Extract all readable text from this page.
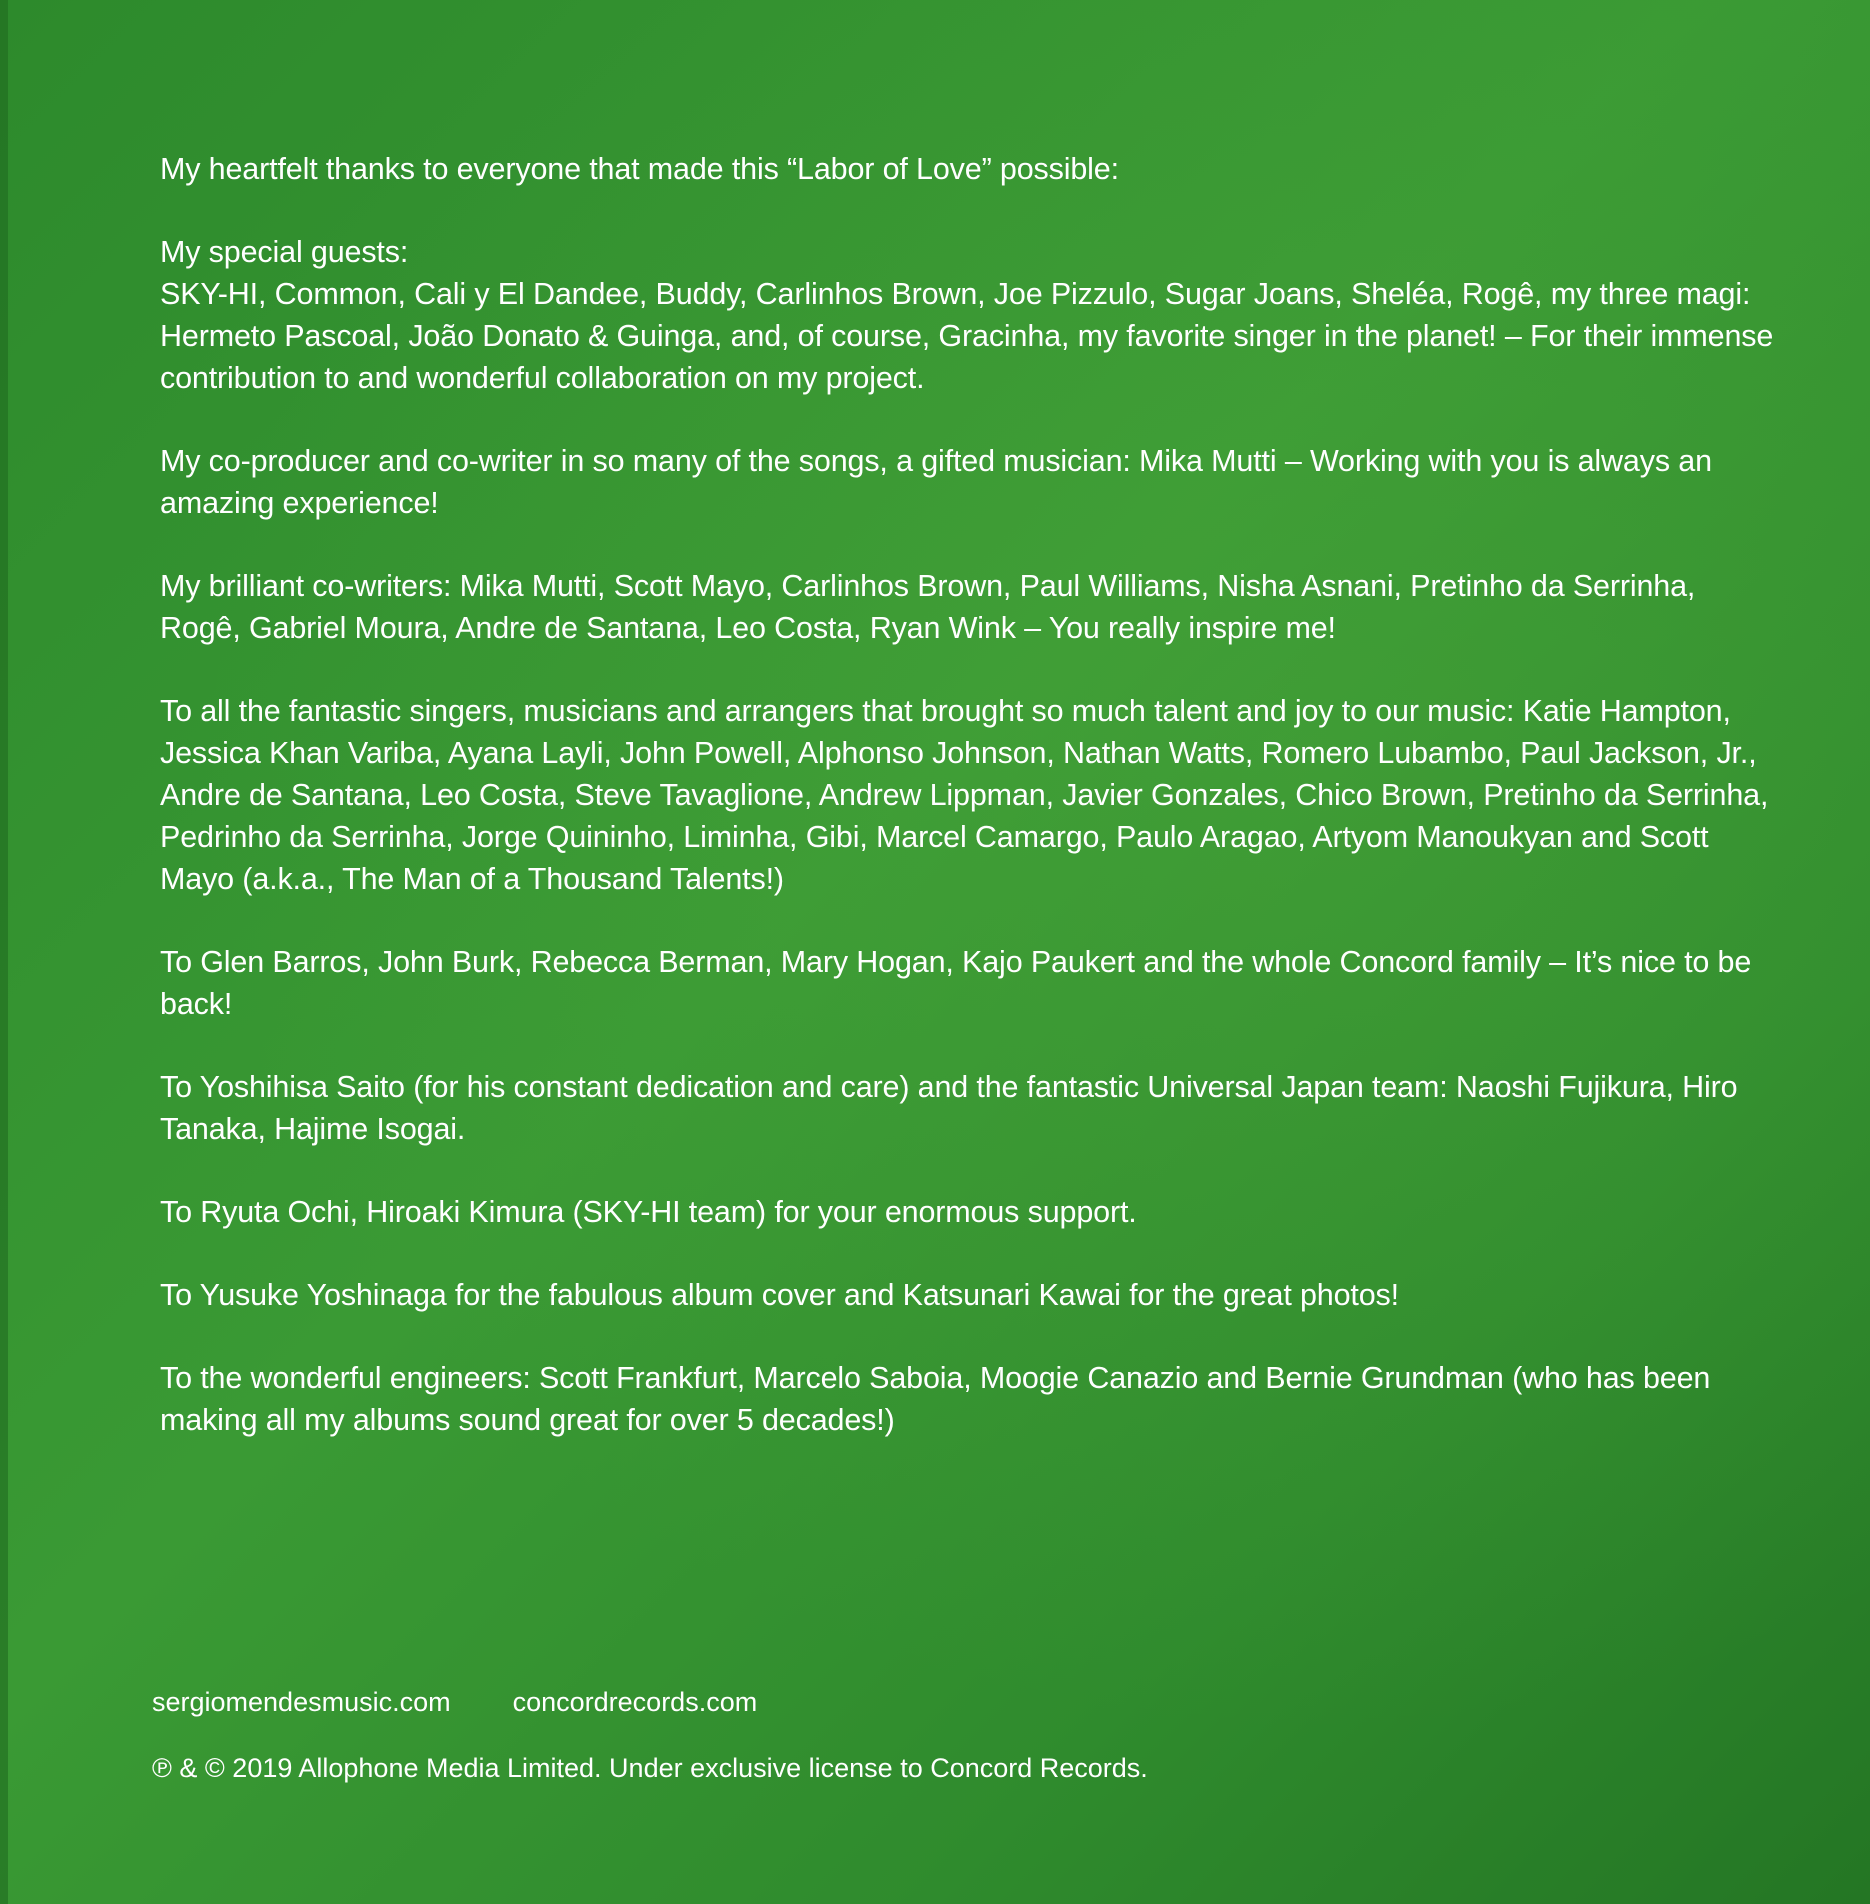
My heartfelt thanks to everyone that made this “Labor of Love” possible:

My special guests:
SKY-HI, Common, Cali y El Dandee, Buddy, Carlinhos Brown, Joe Pizzulo, Sugar Joans, Sheléa, Rogê, my three magi: Hermeto Pascoal, João Donato & Guinga, and, of course, Gracinha, my favorite singer in the planet! – For their immense contribution to and wonderful collaboration on my project.

My co-producer and co-writer in so many of the songs, a gifted musician: Mika Mutti – Working with you is always an amazing experience!

My brilliant co-writers: Mika Mutti, Scott Mayo, Carlinhos Brown, Paul Williams, Nisha Asnani, Pretinho da Serrinha, Rogê, Gabriel Moura, Andre de Santana, Leo Costa, Ryan Wink – You really inspire me!

To all the fantastic singers, musicians and arrangers that brought so much talent and joy to our music: Katie Hampton, Jessica Khan Variba, Ayana Layli, John Powell, Alphonso Johnson, Nathan Watts, Romero Lubambo, Paul Jackson, Jr., Andre de Santana, Leo Costa, Steve Tavaglione, Andrew Lippman, Javier Gonzales, Chico Brown, Pretinho da Serrinha, Pedrinho da Serrinha, Jorge Quininho, Liminha, Gibi, Marcel Camargo, Paulo Aragao, Artyom Manoukyan and Scott Mayo (a.k.a., The Man of a Thousand Talents!)

To Glen Barros, John Burk, Rebecca Berman, Mary Hogan, Kajo Paukert and the whole Concord family – It’s nice to be back!

To Yoshihisa Saito (for his constant dedication and care) and the fantastic Universal Japan team: Naoshi Fujikura, Hiro Tanaka, Hajime Isogai.

To Ryuta Ochi, Hiroaki Kimura (SKY-HI team) for your enormous support.

To Yusuke Yoshinaga for the fabulous album cover and Katsunari Kawai for the great photos!

To the wonderful engineers: Scott Frankfurt, Marcelo Saboia, Moogie Canazio and Bernie Grundman (who has been making all my albums sound great for over 5 decades!)

sergiomendesmusic.com concordrecords.com
℗ & © 2019 Allophone Media Limited. Under exclusive license to Concord Records.
